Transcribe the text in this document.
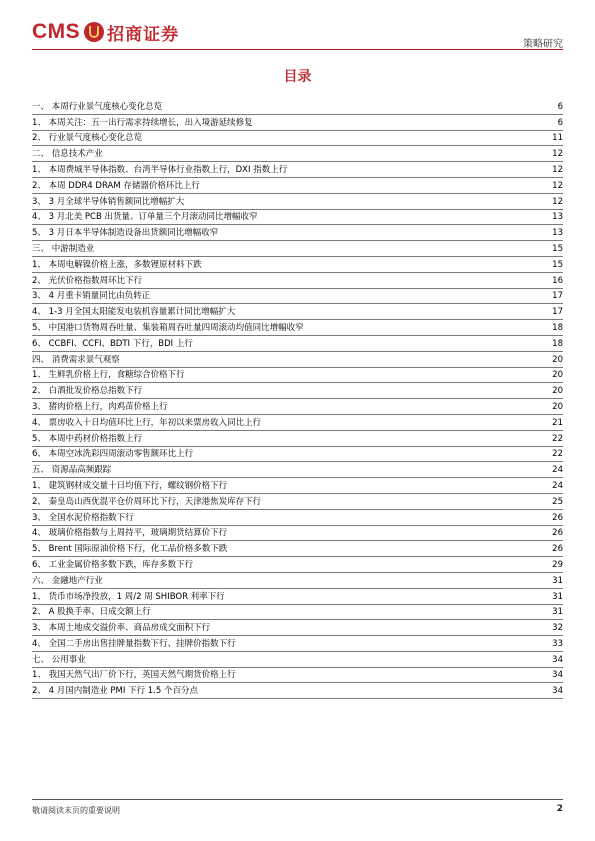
CMS 招商证券	策略研究
目录
一、 本周行业景气度核心变化总览	6
1、 本周关注：五一出行需求持续增长，出入境游延续修复	6
2、 行业景气度核心变化总览	11
二、 信息技术产业	12
1、 本周费城半导体指数、台湾半导体行业指数上行，DXI 指数上行	12
2、 本周 DDR4 DRAM 存储器价格环比上行	12
3、 3 月全球半导体销售额同比增幅扩大	12
4、 3 月北美 PCB 出货量、订单量三个月滚动同比增幅收窄	13
5、 3 月日本半导体制造设备出货额同比增幅收窄	13
三、 中游制造业	15
1、 本周电解镍价格上涨，多数锂原材料下跌	15
2、 光伏价格指数周环比下行	16
3、 4 月重卡销量同比由负转正	17
4、 1-3 月全国太阳能发电装机容量累计同比增幅扩大	17
5、 中国港口货物周吞吐量、集装箱周吞吐量四周滚动均值同比增幅收窄	18
6、 CCBFI、CCFI、BDTI 下行，BDI 上行	18
四、 消费需求景气观察	20
1、 生鲜乳价格上行，食糖综合价格下行	20
2、 白酒批发价格总指数下行	20
3、 猪肉价格上行，肉鸡苗价格上行	20
4、 票房收入十日均值环比上行，年初以来票房收入同比上行	21
5、 本周中药材价格指数上行	22
6、 本周空冰洗彩四周滚动零售额环比上行	22
五、 资源品高频跟踪	24
1、 建筑钢材成交量十日均值下行，螺纹钢价格下行	24
2、 秦皇岛山西优混平仓价周环比下行，天津港焦炭库存下行	25
3、 全国水泥价格指数下行	26
4、 玻璃价格指数与上周持平，玻璃期货结算价下行	26
5、 Brent 国际原油价格下行，化工品价格多数下跌	26
6、 工业金属价格多数下跌，库存多数下行	29
六、 金融地产行业	31
1、 货币市场净投放，1 周/2 周 SHIBOR 利率下行	31
2、 A 股换手率、日成交额上行	31
3、 本周土地成交溢价率、商品房成交面积下行	32
4、 全国二手房出售挂牌量指数下行、挂牌价指数下行	33
七、 公用事业	34
1、 我国天然气出厂价下行，英国天然气期货价格上行	34
2、 4 月国内制造业 PMI 下行 1.5 个百分点	34
敬请阅读末页的重要说明	2
